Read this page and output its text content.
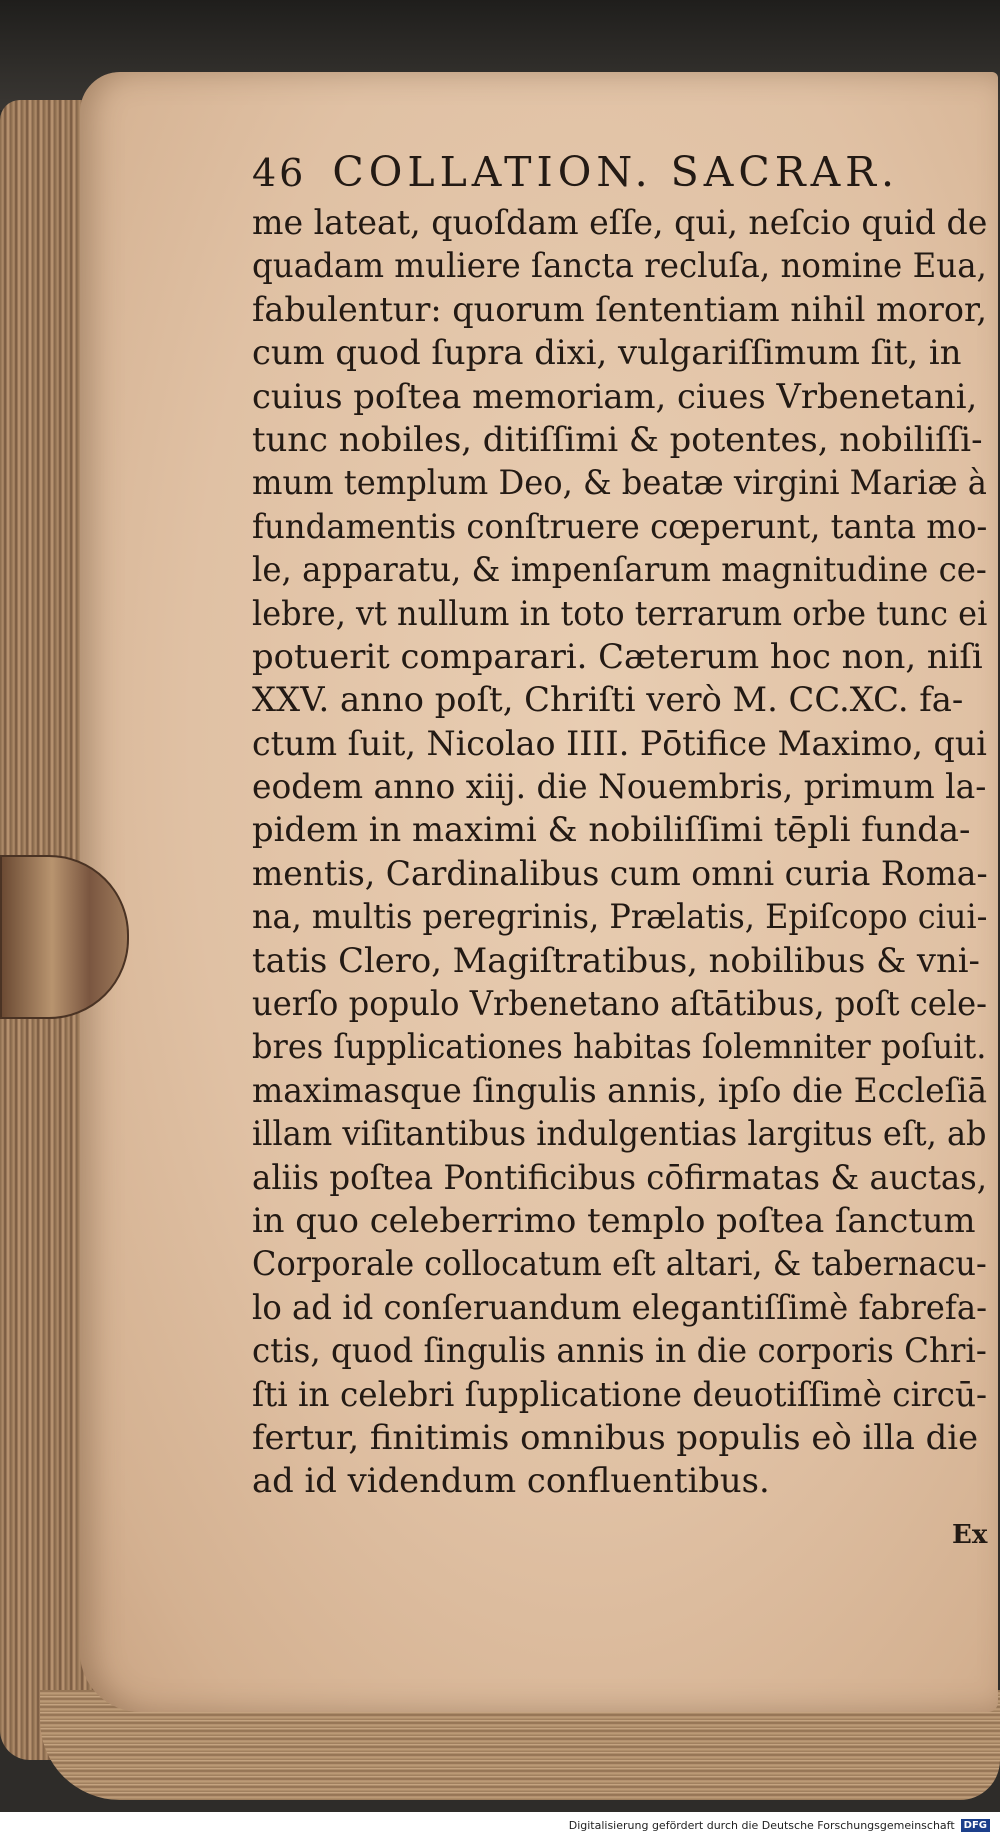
46 COLLATION. SACRAR.
me lateat, quoſdam eſſe, qui, neſcio quid de
quadam muliere ſancta recluſa, nomine Eua,
fabulentur: quorum ſententiam nihil moror,
cum quod ſupra dixi, vulgariſſimum ſit, in
cuius poſtea memoriam, ciues Vrbenetani,
tunc nobiles, ditiſſimi & potentes, nobiliſſi-
mum templum Deo, & beatæ virgini Mariæ à
fundamentis conſtruere cœperunt, tanta mo-
le, apparatu, & impenſarum magnitudine ce-
lebre, vt nullum in toto terrarum orbe tunc ei
potuerit comparari. Cæterum hoc non, niſi
XXV. anno poſt, Chriſti verò M. CC.XC. fa-
ctum ſuit, Nicolao IIII. Pōtifice Maximo, qui
eodem anno xiij. die Nouembris, primum la-
pidem in maximi & nobiliſſimi tēpli funda-
mentis, Cardinalibus cum omni curia Roma-
na, multis peregrinis, Prælatis, Epiſcopo ciui-
tatis Clero, Magiſtratibus, nobilibus & vni-
uerſo populo Vrbenetano aſtātibus, poſt cele-
bres ſupplicationes habitas ſolemniter poſuit.
maximasque ſingulis annis, ipſo die Eccleſiā
illam viſitantibus indulgentias largitus eſt, ab
aliis poſtea Pontificibus cōfirmatas & auctas,
in quo celeberrimo templo poſtea ſanctum
Corporale collocatum eſt altari, & tabernacu-
lo ad id conſeruandum elegantiſſimè fabrefa-
ctis, quod ſingulis annis in die corporis Chri-
ſti in celebri ſupplicatione deuotiſſimè circū-
fertur, finitimis omnibus populis eò illa die
ad id videndum confluentibus.
Ex
Digitalisierung gefördert durch die Deutsche Forschungsgemeinschaft DFG
